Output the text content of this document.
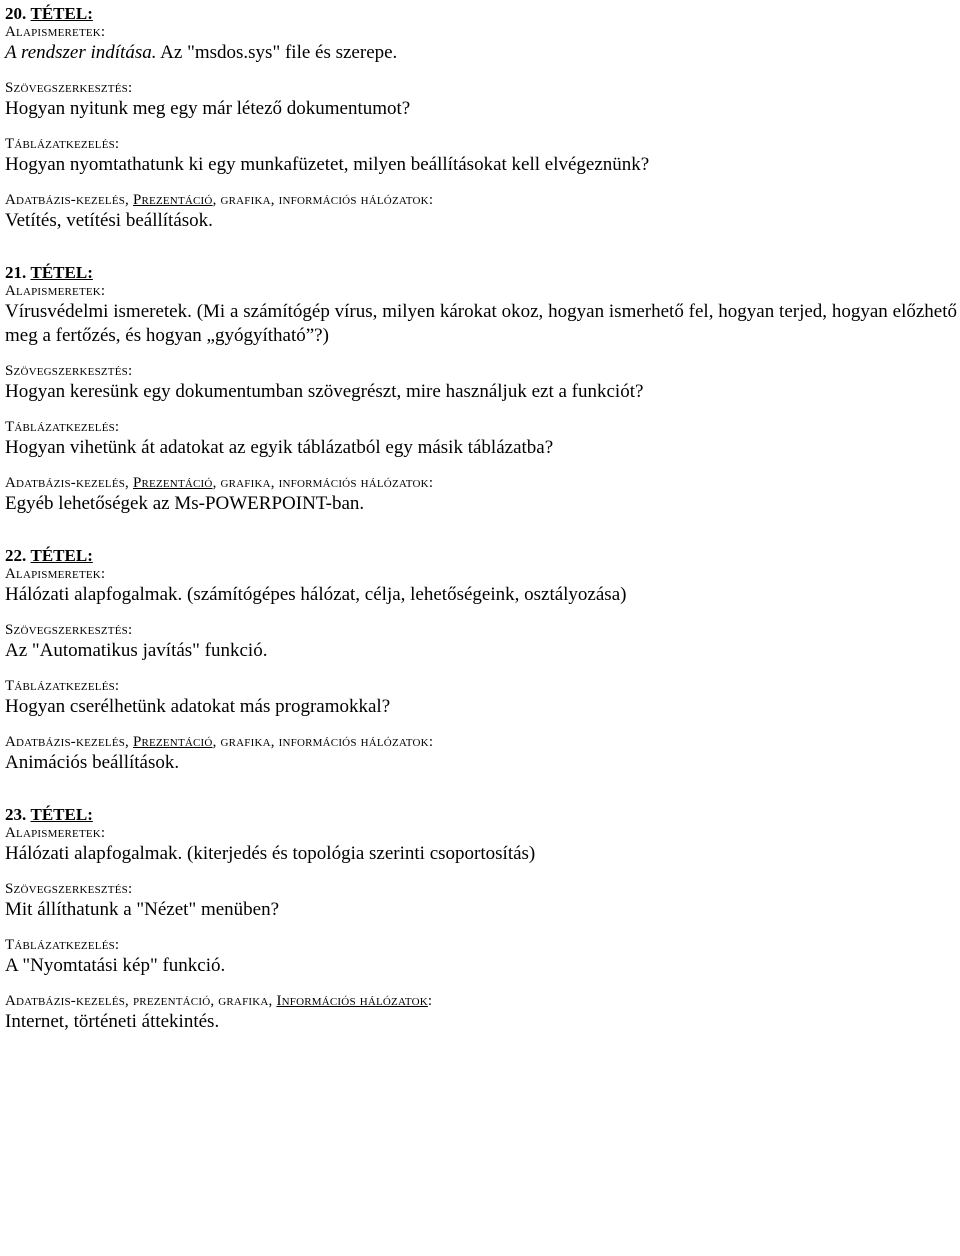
20. TÉTEL:
Alapismeretek:
A rendszer indítása. Az "msdos.sys" file és szerepe.
Szövegszerkesztés:
Hogyan nyitunk meg egy már létező dokumentumot?
Táblázatkezelés:
Hogyan nyomtathatunk ki egy munkafüzetet, milyen beállításokat kell elvégeznünk?
Adatbázis-kezelés, Prezentáció, grafika, információs hálózatok:
Vetítés, vetítési beállítások.
21. TÉTEL:
Alapismeretek:
Vírusvédelmi ismeretek. (Mi a számítógép vírus, milyen károkat okoz, hogyan ismerhető fel, hogyan terjed, hogyan előzhető meg a fertőzés, és hogyan „gyógyítható”?)
Szövegszerkesztés:
Hogyan keresünk egy dokumentumban szövegrészt, mire használjuk ezt a funkciót?
Táblázatkezelés:
Hogyan vihetünk át adatokat az egyik táblázatból egy másik táblázatba?
Adatbázis-kezelés, Prezentáció, grafika, információs hálózatok:
Egyéb lehetőségek az Ms-POWERPOINT-ban.
22. TÉTEL:
Alapismeretek:
Hálózati alapfogalmak. (számítógépes hálózat, célja, lehetőségeink, osztályozása)
Szövegszerkesztés:
Az "Automatikus javítás" funkció.
Táblázatkezelés:
Hogyan cserélhetünk adatokat más programokkal?
Adatbázis-kezelés, Prezentáció, grafika, információs hálózatok:
Animációs beállítások.
23. TÉTEL:
Alapismeretek:
Hálózati alapfogalmak. (kiterjedés és topológia szerinti csoportosítás)
Szövegszerkesztés:
Mit állíthatunk a "Nézet" menüben?
Táblázatkezelés:
A "Nyomtatási kép" funkció.
Adatbázis-kezelés, prezentáció, grafika, Információs hálózatok:
Internet, történeti áttekintés.
